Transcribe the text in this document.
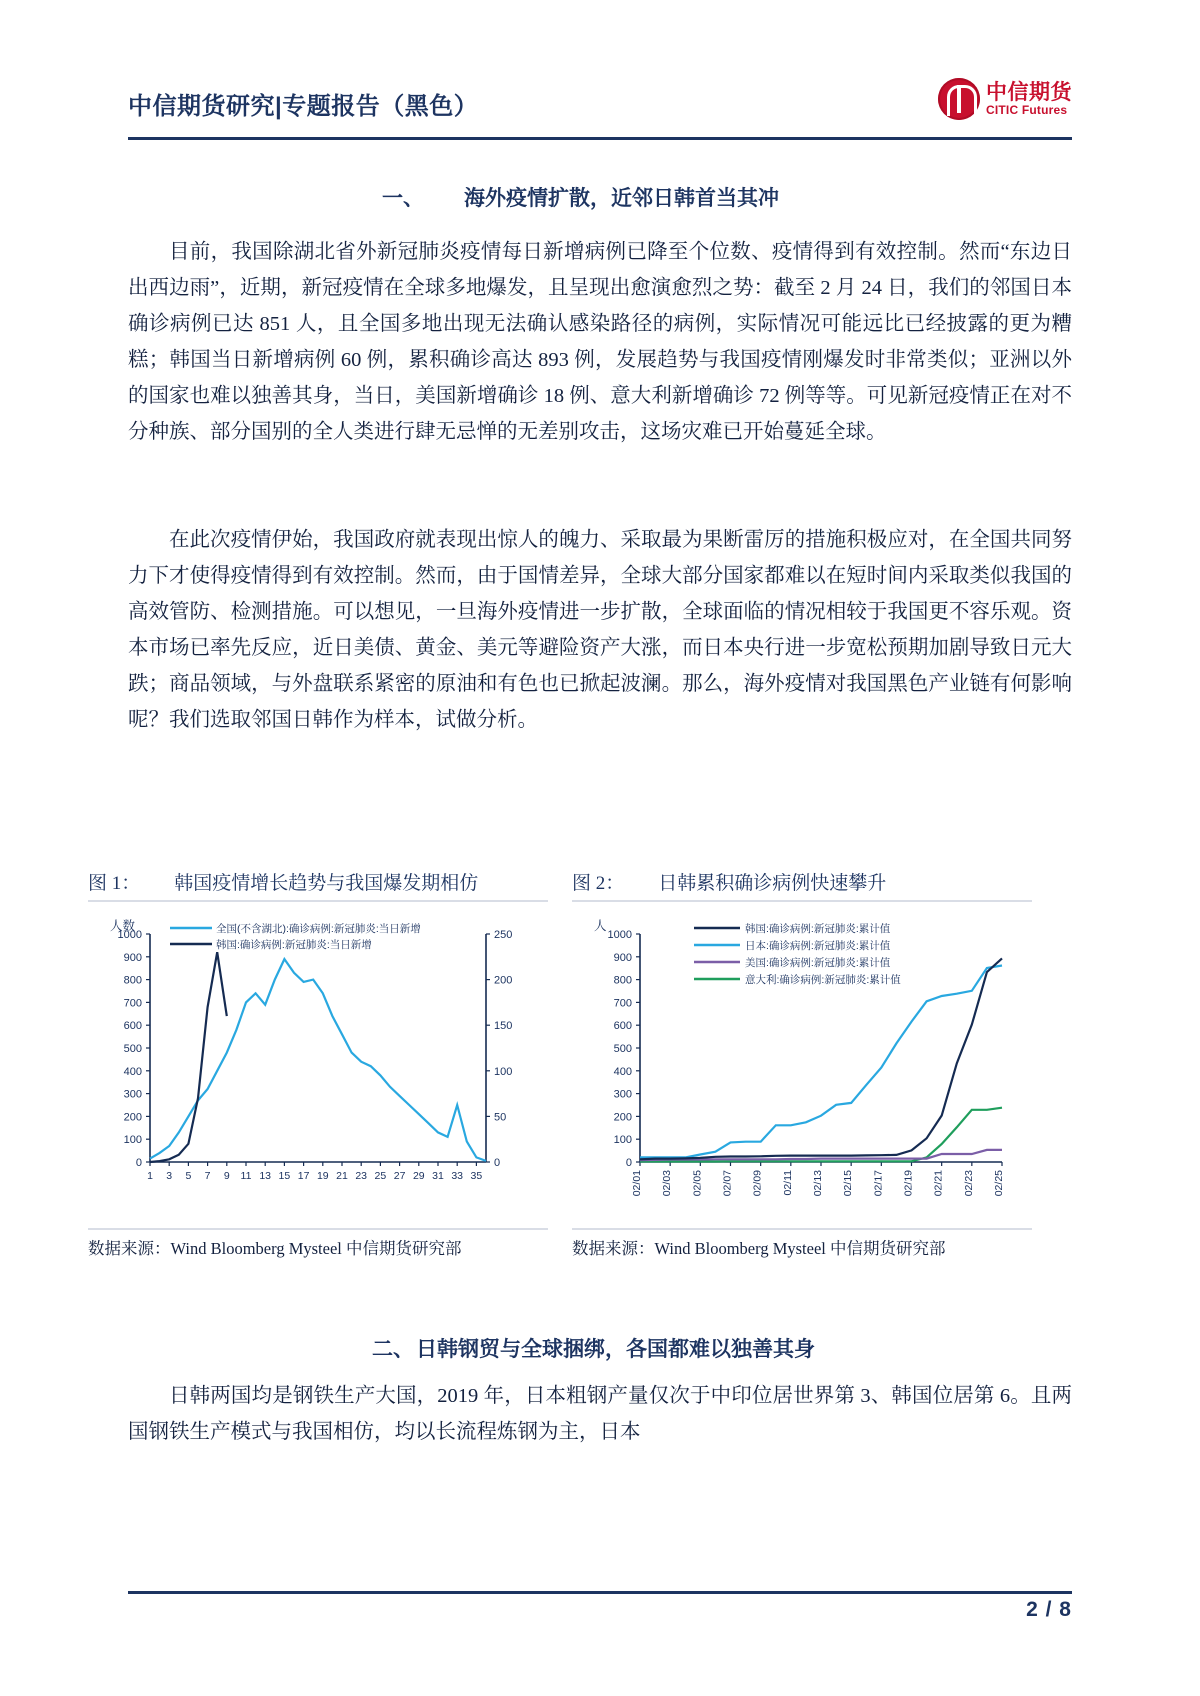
中信期货研究|专题报告（黑色）
中信期货
CITIC Futures
一、 海外疫情扩散，近邻日韩首当其冲
目前，我国除湖北省外新冠肺炎疫情每日新增病例已降至个位数、疫情得到有效控制。然而“东边日出西边雨”，近期，新冠疫情在全球多地爆发，且呈现出愈演愈烈之势：截至 2 月 24 日，我们的邻国日本确诊病例已达 851 人，且全国多地出现无法确认感染路径的病例，实际情况可能远比已经披露的更为糟糕；韩国当日新增病例 60 例，累积确诊高达 893 例，发展趋势与我国疫情刚爆发时非常类似；亚洲以外的国家也难以独善其身，当日，美国新增确诊 18 例、意大利新增确诊 72 例等等。可见新冠疫情正在对不分种族、部分国别的全人类进行肆无忌惮的无差别攻击，这场灾难已开始蔓延全球。
在此次疫情伊始，我国政府就表现出惊人的魄力、采取最为果断雷厉的措施积极应对，在全国共同努力下才使得疫情得到有效控制。然而，由于国情差异，全球大部分国家都难以在短时间内采取类似我国的高效管防、检测措施。可以想见，一旦海外疫情进一步扩散，全球面临的情况相较于我国更不容乐观。资本市场已率先反应，近日美债、黄金、美元等避险资产大涨，而日本央行进一步宽松预期加剧导致日元大跌；商品领域，与外盘联系紧密的原油和有色也已掀起波澜。那么，海外疫情对我国黑色产业链有何影响呢？我们选取邻国日韩作为样本，试做分析。
图 1： 韩国疫情增长趋势与我国爆发期相仿
人数	全国(不含湖北):确诊病例:新冠肺炎:当日新增
韩国:确诊病例:新冠肺炎:当日新增
0
100
200
300
400
500
600
700
800
900
1000
0
50
100
150
200
250
1 3 5 7 9 11 13 15 17 19 21 23 25 27 29 31 33 35
数据来源：Wind Bloomberg Mysteel 中信期货研究部
图 2： 日韩累积确诊病例快速攀升
人	韩国:确诊病例:新冠肺炎:累计值
日本:确诊病例:新冠肺炎:累计值
美国:确诊病例:新冠肺炎:累计值
意大利:确诊病例:新冠肺炎:累计值
0
100
200
300
400
500
600
700
800
900
1000
02/01 02/03 02/05 02/07 02/09 02/11 02/13 02/15 02/17 02/19 02/21 02/23 02/25
数据来源：Wind Bloomberg Mysteel 中信期货研究部
二、日韩钢贸与全球捆绑，各国都难以独善其身
日韩两国均是钢铁生产大国，2019 年，日本粗钢产量仅次于中印位居世界第 3、韩国位居第 6。且两国钢铁生产模式与我国相仿，均以长流程炼钢为主，日本
2 / 8
